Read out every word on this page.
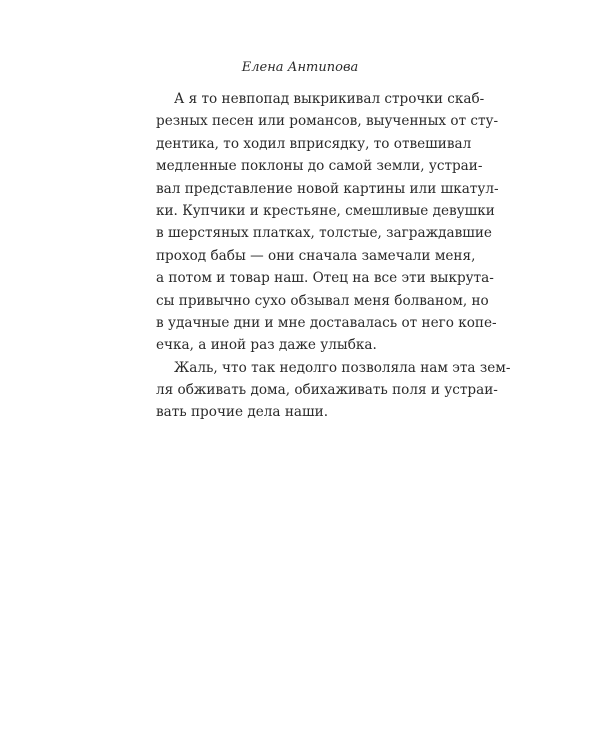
Елена Антипова
А я то невпопад выкрикивал строчки скаб-
резных песен или романсов, выученных от сту-
дентика, то ходил вприсядку, то отвешивал
медленные поклоны до самой земли, устраи-
вал представление новой картины или шкатул-
ки. Купчики и крестьяне, смешливые девушки
в шерстяных платках, толстые, заграждавшие
проход бабы — они сначала замечали меня,
а потом и товар наш. Отец на все эти выкрута-
сы привычно сухо обзывал меня болваном, но
в удачные дни и мне доставалась от него копе-
ечка, а иной раз даже улыбка.
Жаль, что так недолго позволяла нам эта зем-
ля обживать дома, обихаживать поля и устраи-
вать прочие дела наши.
